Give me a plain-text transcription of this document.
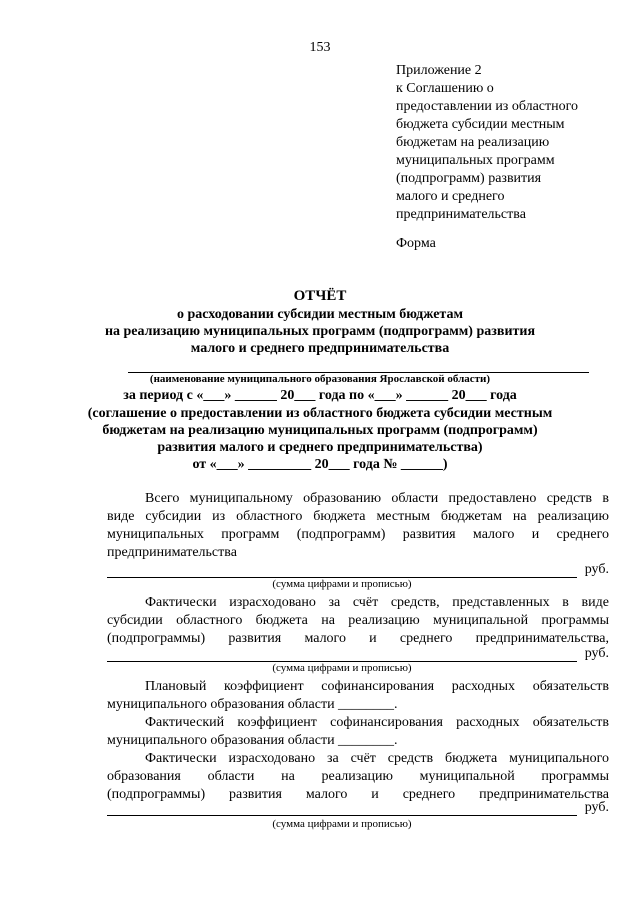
153
Приложение 2
к Соглашению о
предоставлении из областного
бюджета субсидии местным
бюджетам на реализацию
муниципальных программ
(подпрограмм) развития
малого и среднего
предпринимательства
Форма
ОТЧЁТ
о расходовании субсидии местным бюджетам
на реализацию муниципальных программ (подпрограмм) развития
малого и среднего предпринимательства
(наименование муниципального образования Ярославской области)
за период с «___» ______ 20___ года по «___» ______ 20___ года
(соглашение о предоставлении из областного бюджета субсидии местным
бюджетам на реализацию муниципальных программ (подпрограмм)
развития малого и среднего предпринимательства)
от «___» _________ 20___ года № ______)
Всего муниципальному образованию области предоставлено средств в
виде субсидии из областного бюджета местным бюджетам на реализацию
муниципальных программ (подпрограмм) развития малого и среднего
предпринимательства
руб.
(сумма цифрами и прописью)
Фактически израсходовано за счёт средств, представленных в виде
субсидии областного бюджета на реализацию муниципальной программы
(подпрограммы) развития малого и среднего предпринимательства,
руб.
(сумма цифрами и прописью)
Плановый коэффициент софинансирования расходных обязательств
муниципального образования области ________.
Фактический коэффициент софинансирования расходных обязательств
муниципального образования области ________.
Фактически израсходовано за счёт средств бюджета муниципального
образования области на реализацию муниципальной программы
(подпрограммы) развития малого и среднего предпринимательства
руб.
(сумма цифрами и прописью)
